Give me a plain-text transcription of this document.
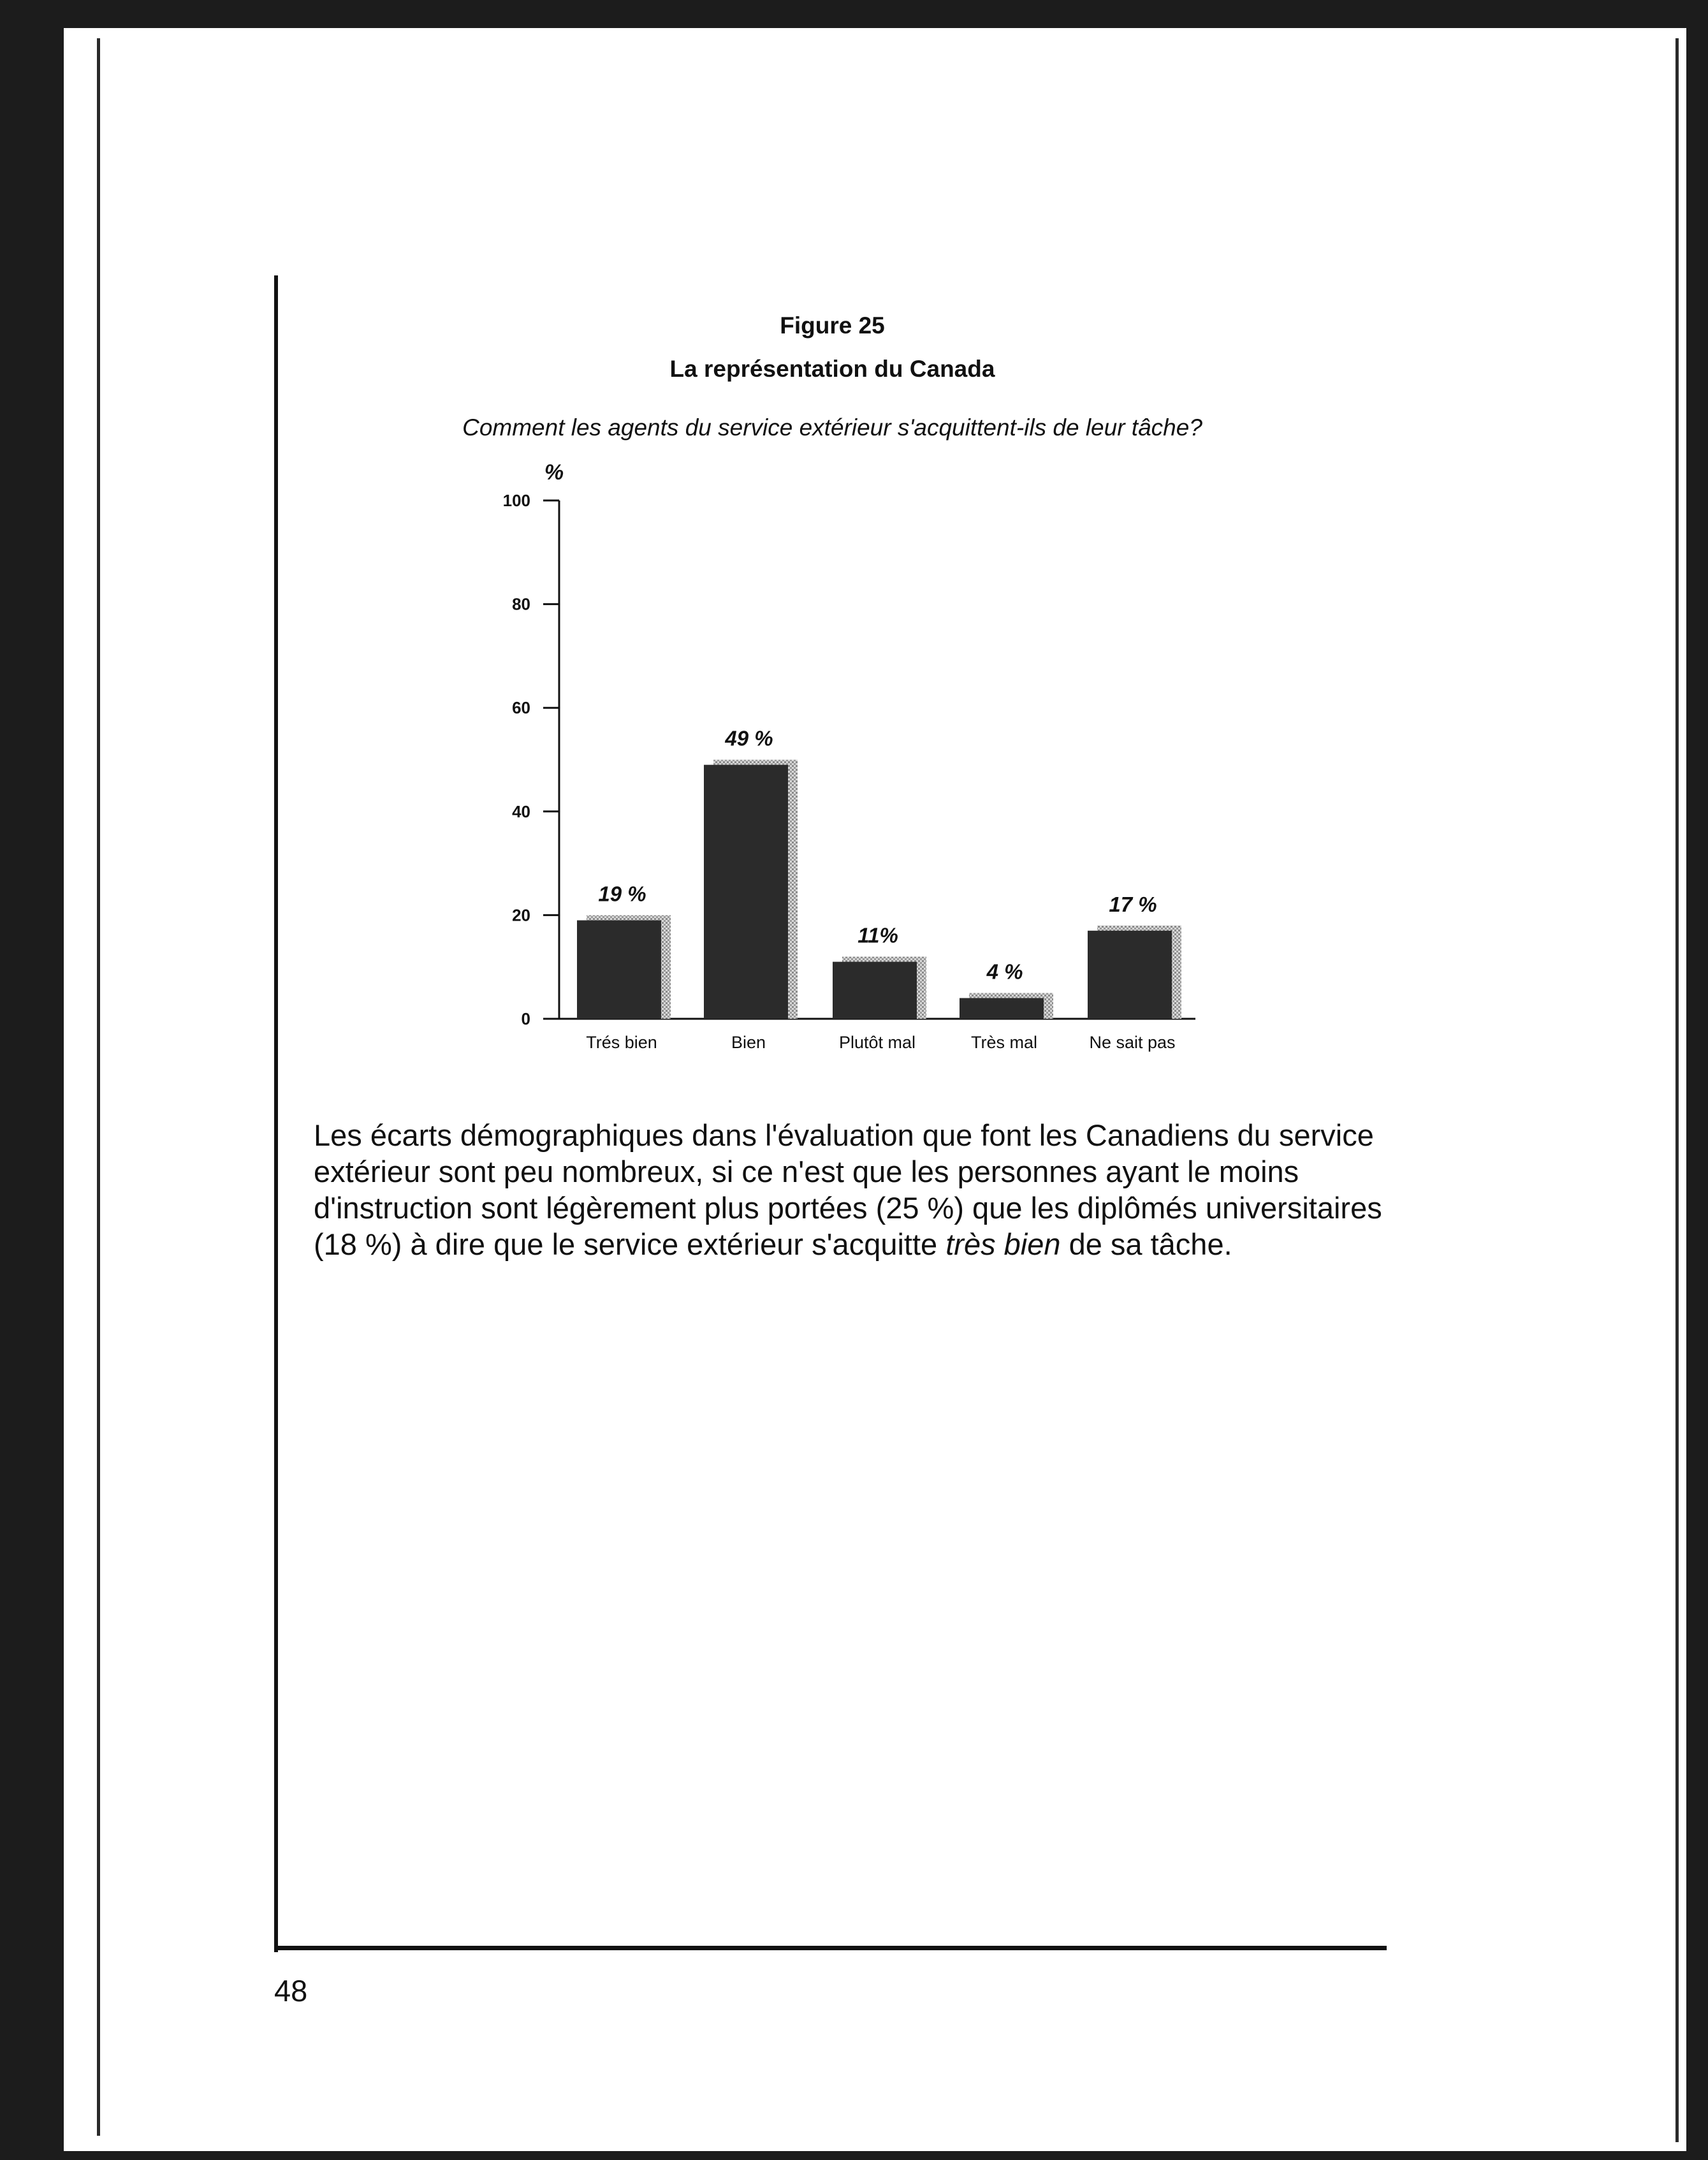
Figure 25
La représentation du Canada
Comment les agents du service extérieur s'acquittent-ils de leur tâche?
0
20
40
60
80
100
%
19 %
Trés bien
49 %
Bien
11%
Plutôt mal
4 %
Très mal
17 %
Ne sait pas

Les écarts démographiques dans l'évaluation que font les Canadiens du service extérieur sont peu nombreux, si ce n'est que les personnes ayant le moins d'instruction sont légèrement plus portées (25 %) que les diplômés universitaires (18 %) à dire que le service extérieur s'acquitte très bien de sa tâche.

48
